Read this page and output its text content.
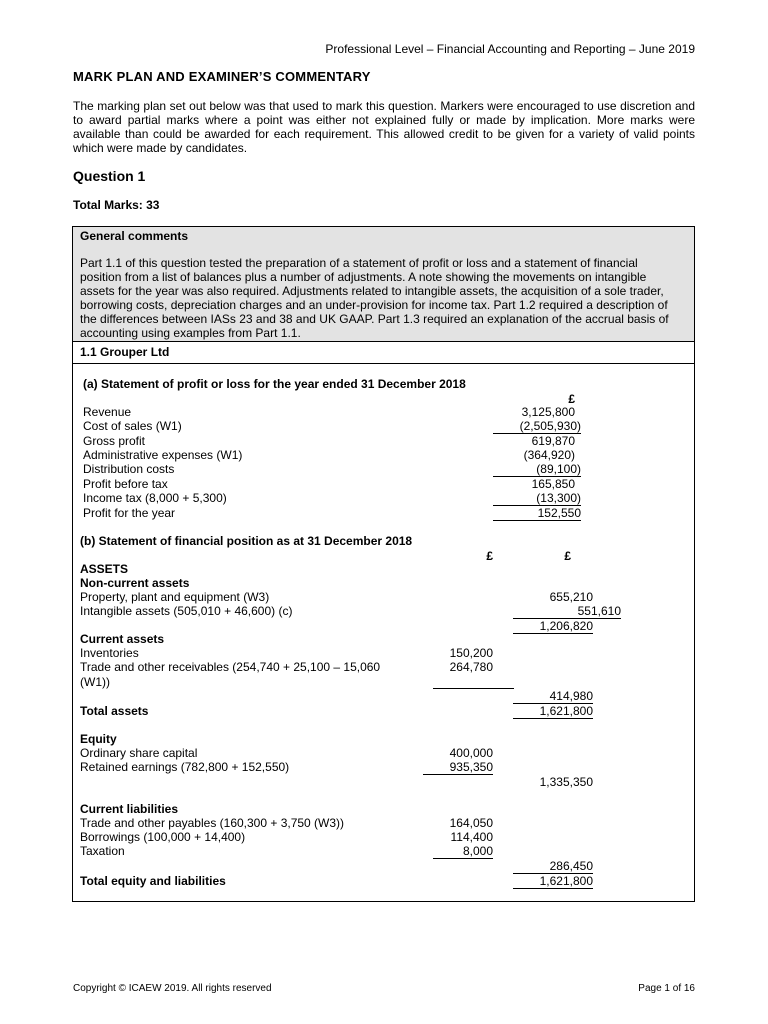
Professional Level – Financial Accounting and Reporting – June 2019
MARK PLAN AND EXAMINER’S COMMENTARY
The marking plan set out below was that used to mark this question. Markers were encouraged to use discretion and to award partial marks where a point was either not explained fully or made by implication. More marks were available than could be awarded for each requirement. This allowed credit to be given for a variety of valid points which were made by candidates.
Question 1
Total Marks: 33
General comments
Part 1.1 of this question tested the preparation of a statement of profit or loss and a statement of financial position from a list of balances plus a number of adjustments. A note showing the movements on intangible assets for the year was also required. Adjustments related to intangible assets, the acquisition of a sole trader, borrowing costs, depreciation charges and an under-provision for income tax. Part 1.2 required a description of the differences between IASs 23 and 38 and UK GAAP. Part 1.3 required an explanation of the accrual basis of accounting using examples from Part 1.1.
1.1 Grouper Ltd
(a) Statement of profit or loss for the year ended 31 December 2018
£
Revenue	3,125,800
Cost of sales (W1)	(2,505,930)
Gross profit	619,870
Administrative expenses (W1)	(364,920)
Distribution costs	(89,100)
Profit before tax	165,850
Income tax (8,000 + 5,300)	(13,300)
Profit for the year	152,550
(b) Statement of financial position as at 31 December 2018
£	£
ASSETS
Non-current assets
Property, plant and equipment (W3)	655,210
Intangible assets (505,010 + 46,600) (c)	551,610
1,206,820
Current assets
Inventories	150,200
Trade and other receivables (254,740 + 25,100 – 15,060
(W1))
264,780
414,980
Total assets	1,621,800
Equity
Ordinary share capital	400,000
Retained earnings (782,800 + 152,550)	935,350
1,335,350
Current liabilities
Trade and other payables (160,300 + 3,750 (W3))	164,050
Borrowings (100,000 + 14,400)	114,400
Taxation	8,000
286,450
Total equity and liabilities	1,621,800
Copyright © ICAEW 2019. All rights reserved	Page 1 of 16
